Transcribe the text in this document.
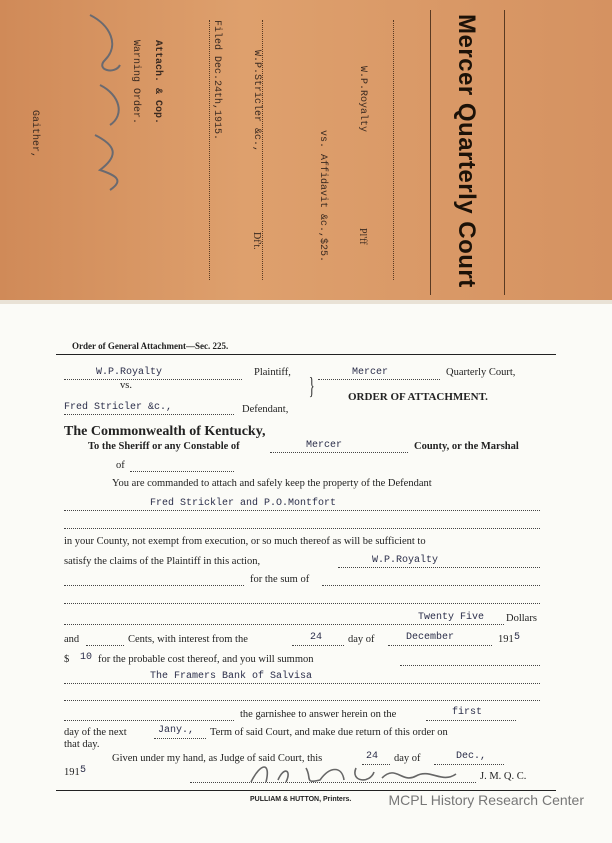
Mercer Quarterly Court
W.P.Royalty
Pl'ff
vs. Affidavit &c.,$25.
W.P.Stricler &c.,
Df't.
Filed Dec.24th,1915.
Attach. & Cop.
Warning Order.
Gaither,
Order of General Attachment—Sec. 225.
W.P.Royalty	Plaintiff,
vs.
Fred Stricler &c.,	Defendant,
}
Mercer	Quarterly Court,
ORDER OF ATTACHMENT.
The Commonwealth of Kentucky,
To the Sheriff or any Constable of	Mercer	County, or the Marshal
of
You are commanded to attach and safely keep the property of the Defendant
Fred Strickler and P.O.Montfort
in your County, not exempt from execution, or so much thereof as will be sufficient to
satisfy the claims of the Plaintiff in this action,	W.P.Royalty
for the sum of
Twenty Five Dollars
and	Cents, with interest from the	24 day of	December	191 5
$ 10 for the probable cost thereof, and you will summon
The Framers Bank of Salvisa
the garnishee to answer herein on the	first
day of the next	Jany., Term of said Court, and make due return of this order on
that day.
Given under my hand, as Judge of said Court, this	24 day of	Dec.,
191 5
J. M. Q. C.
PULLIAM & HUTTON, Printers.	MCPL History Research Center
